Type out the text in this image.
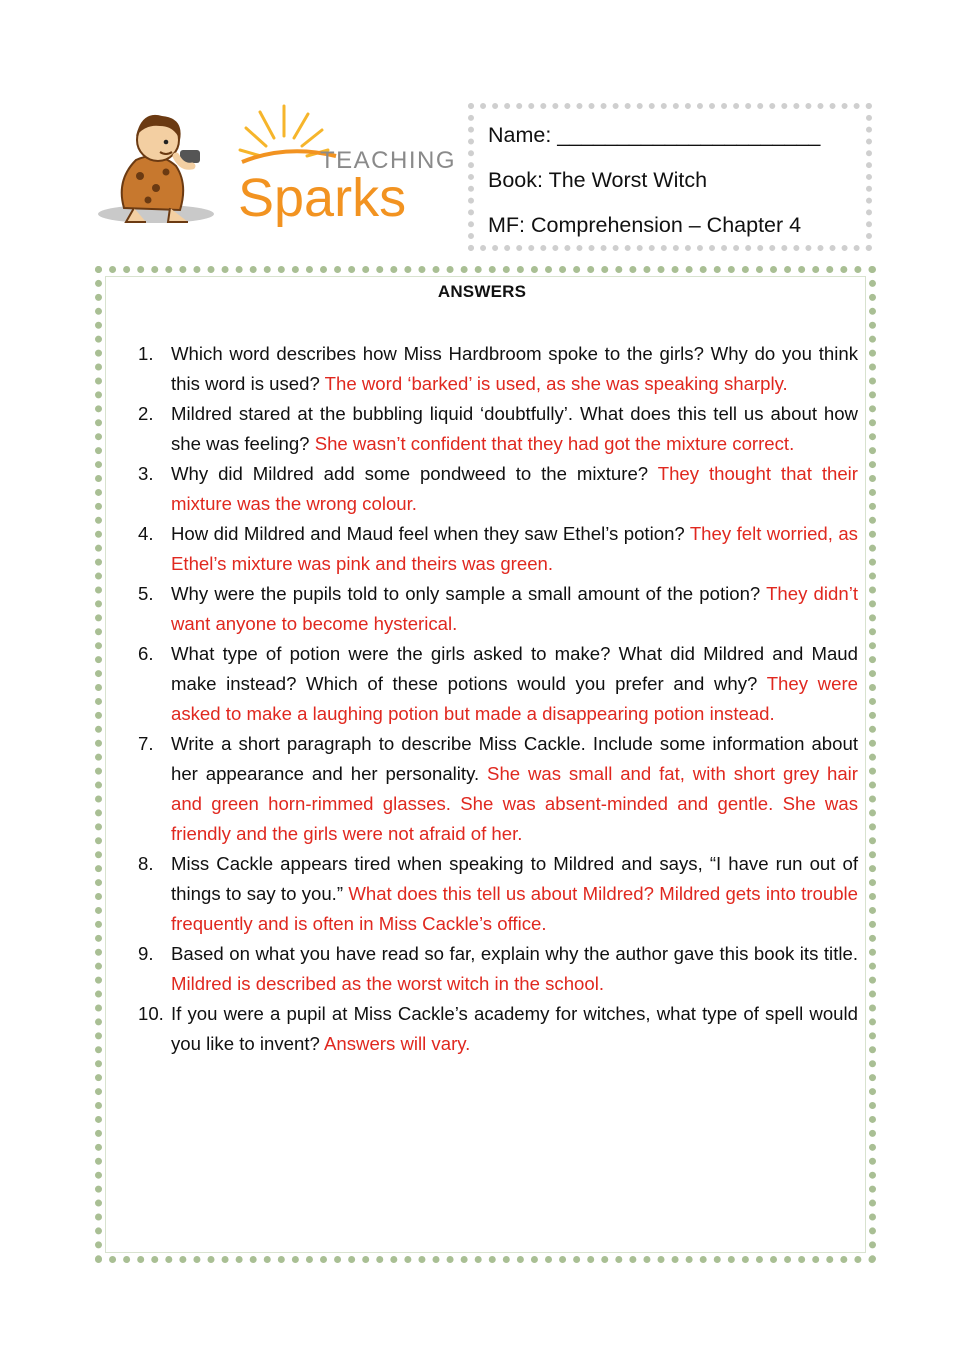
TEACHING
Sparks
Name: ______________________
Book: The Worst Witch
MF: Comprehension – Chapter 4
ANSWERS
1. Which word describes how Miss Hardbroom spoke to the girls? Why do you think this word is used? The word ‘barked’ is used, as she was speaking sharply.
2. Mildred stared at the bubbling liquid ‘doubtfully’. What does this tell us about how she was feeling? She wasn’t confident that they had got the mixture correct.
3. Why did Mildred add some pondweed to the mixture? They thought that their mixture was the wrong colour.
4. How did Mildred and Maud feel when they saw Ethel’s potion? They felt worried, as Ethel’s mixture was pink and theirs was green.
5. Why were the pupils told to only sample a small amount of the potion? They didn’t want anyone to become hysterical.
6. What type of potion were the girls asked to make? What did Mildred and Maud make instead? Which of these potions would you prefer and why? They were asked to make a laughing potion but made a disappearing potion instead.
7. Write a short paragraph to describe Miss Cackle. Include some information about her appearance and her personality. She was small and fat, with short grey hair and green horn-rimmed glasses. She was absent-minded and gentle. She was friendly and the girls were not afraid of her.
8. Miss Cackle appears tired when speaking to Mildred and says, “I have run out of things to say to you.” What does this tell us about Mildred? Mildred gets into trouble frequently and is often in Miss Cackle’s office.
9. Based on what you have read so far, explain why the author gave this book its title. Mildred is described as the worst witch in the school.
10. If you were a pupil at Miss Cackle’s academy for witches, what type of spell would you like to invent? Answers will vary.
